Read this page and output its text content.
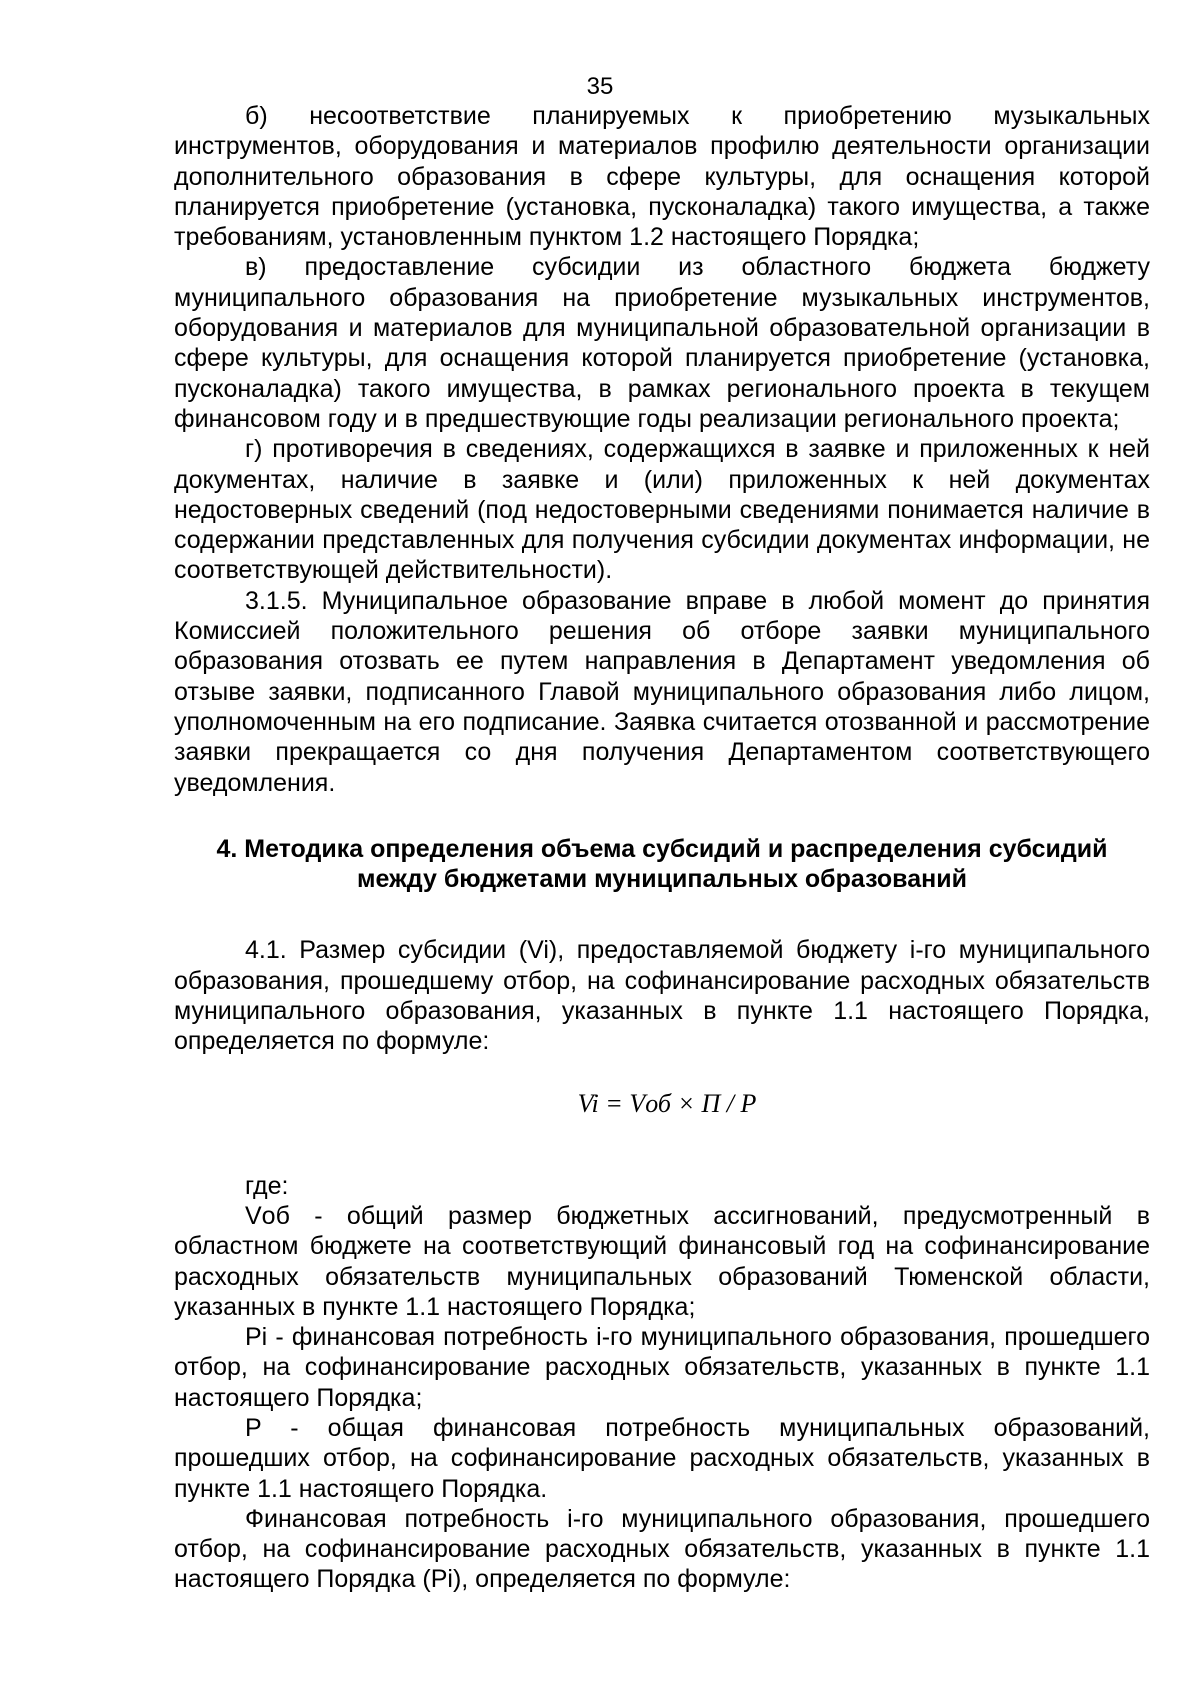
35

б) несоответствие планируемых к приобретению музыкальных инструментов, оборудования и материалов профилю деятельности организации дополнительного образования в сфере культуры, для оснащения которой планируется приобретение (установка, пусконаладка) такого имущества, а также требованиям, установленным пунктом 1.2 настоящего Порядка;

в) предоставление субсидии из областного бюджета бюджету муниципального образования на приобретение музыкальных инструментов, оборудования и материалов для муниципальной образовательной организации в сфере культуры, для оснащения которой планируется приобретение (установка, пусконаладка) такого имущества, в рамках регионального проекта в текущем финансовом году и в предшествующие годы реализации регионального проекта;

г) противоречия в сведениях, содержащихся в заявке и приложенных к ней документах, наличие в заявке и (или) приложенных к ней документах недостоверных сведений (под недостоверными сведениями понимается наличие в содержании представленных для получения субсидии документах информации, не соответствующей действительности).

3.1.5. Муниципальное образование вправе в любой момент до принятия Комиссией положительного решения об отборе заявки муниципального образования отозвать ее путем направления в Департамент уведомления об отзыве заявки, подписанного Главой муниципального образования либо лицом, уполномоченным на его подписание. Заявка считается отозванной и рассмотрение заявки прекращается со дня получения Департаментом соответствующего уведомления.

4. Методика определения объема субсидий и распределения субсидий
между бюджетами муниципальных образований

4.1. Размер субсидии (Vi), предоставляемой бюджету i-го муниципального образования, прошедшему отбор, на софинансирование расходных обязательств муниципального образования, указанных в пункте 1.1 настоящего Порядка, определяется по формуле:

Vi = Vоб × П / Р

где:

Vоб - общий размер бюджетных ассигнований, предусмотренный в областном бюджете на соответствующий финансовый год на софинансирование расходных обязательств муниципальных образований Тюменской области, указанных в пункте 1.1 настоящего Порядка;

Pi - финансовая потребность i-го муниципального образования, прошедшего отбор, на софинансирование расходных обязательств, указанных в пункте 1.1 настоящего Порядка;

P - общая финансовая потребность муниципальных образований, прошедших отбор, на софинансирование расходных обязательств, указанных в пункте 1.1 настоящего Порядка.

Финансовая потребность i-го муниципального образования, прошедшего отбор, на софинансирование расходных обязательств, указанных в пункте 1.1 настоящего Порядка (Pi), определяется по формуле:
